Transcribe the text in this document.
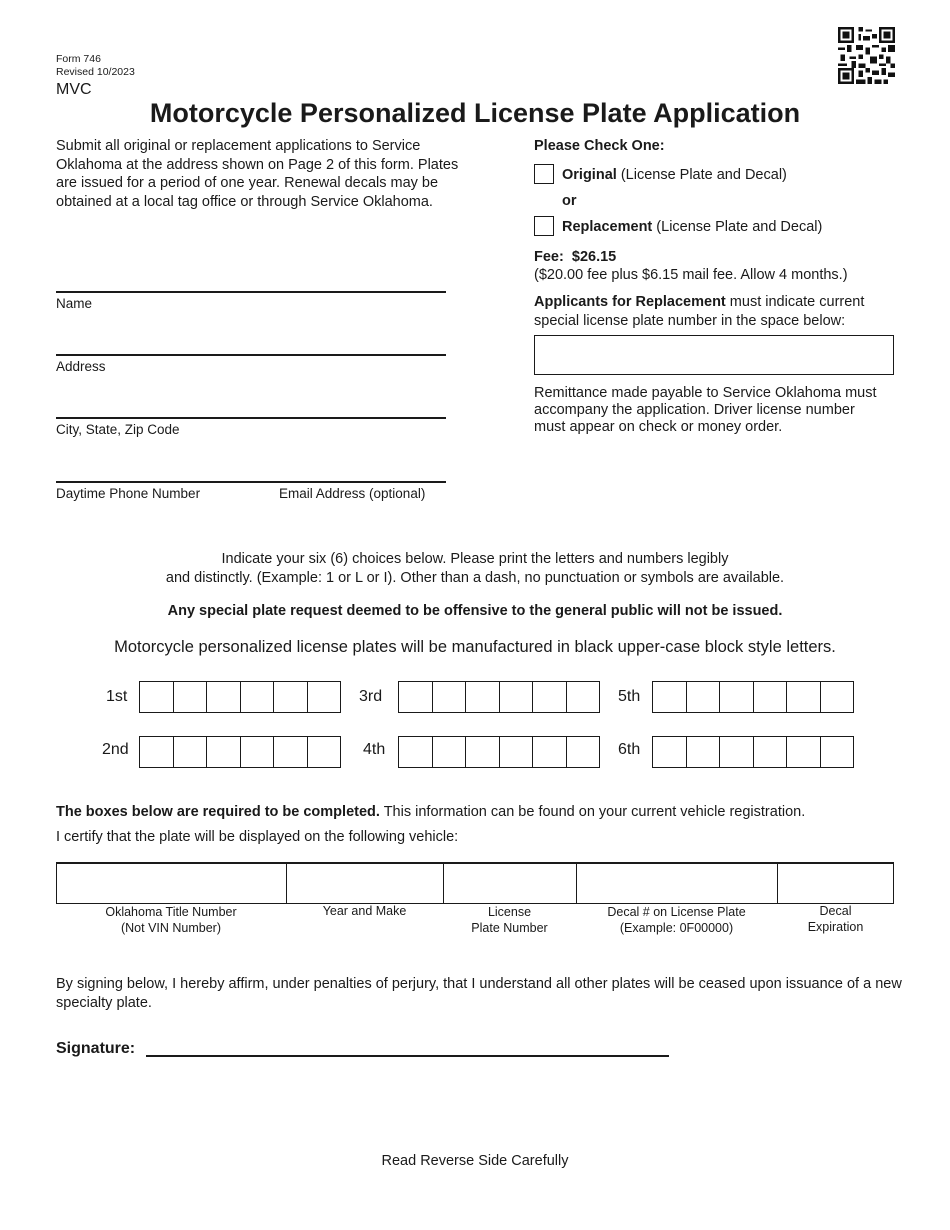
Form 746
Revised 10/2023
MVC
Motorcycle Personalized License Plate Application
Submit all original or replacement applications to Service Oklahoma at the address shown on Page 2 of this form. Plates are issued for a period of one year. Renewal decals may be obtained at a local tag office or through Service Oklahoma.
Name
Address
City, State, Zip Code
Daytime Phone Number	Email Address (optional)
Please Check One:
Original (License Plate and Decal)
or
Replacement (License Plate and Decal)
Fee: $26.15
($20.00 fee plus $6.15 mail fee. Allow 4 months.)
Applicants for Replacement must indicate current special license plate number in the space below:
Remittance made payable to Service Oklahoma must accompany the application. Driver license number must appear on check or money order.
Indicate your six (6) choices below. Please print the letters and numbers legibly
and distinctly. (Example: 1 or L or I). Other than a dash, no punctuation or symbols are available.
Any special plate request deemed to be offensive to the general public will not be issued.
Motorcycle personalized license plates will be manufactured in black upper-case block style letters.
1st
2nd
3rd
4th
5th
6th
The boxes below are required to be completed. This information can be found on your current vehicle registration.
I certify that the plate will be displayed on the following vehicle:
Oklahoma Title Number
(Not VIN Number)
Year and Make	License
Plate Number
Decal # on License Plate
(Example: 0F00000)
Decal
Expiration
By signing below, I hereby affirm, under penalties of perjury, that I understand all other plates will be ceased upon issuance of a new specialty plate.
Signature:
Read Reverse Side Carefully
